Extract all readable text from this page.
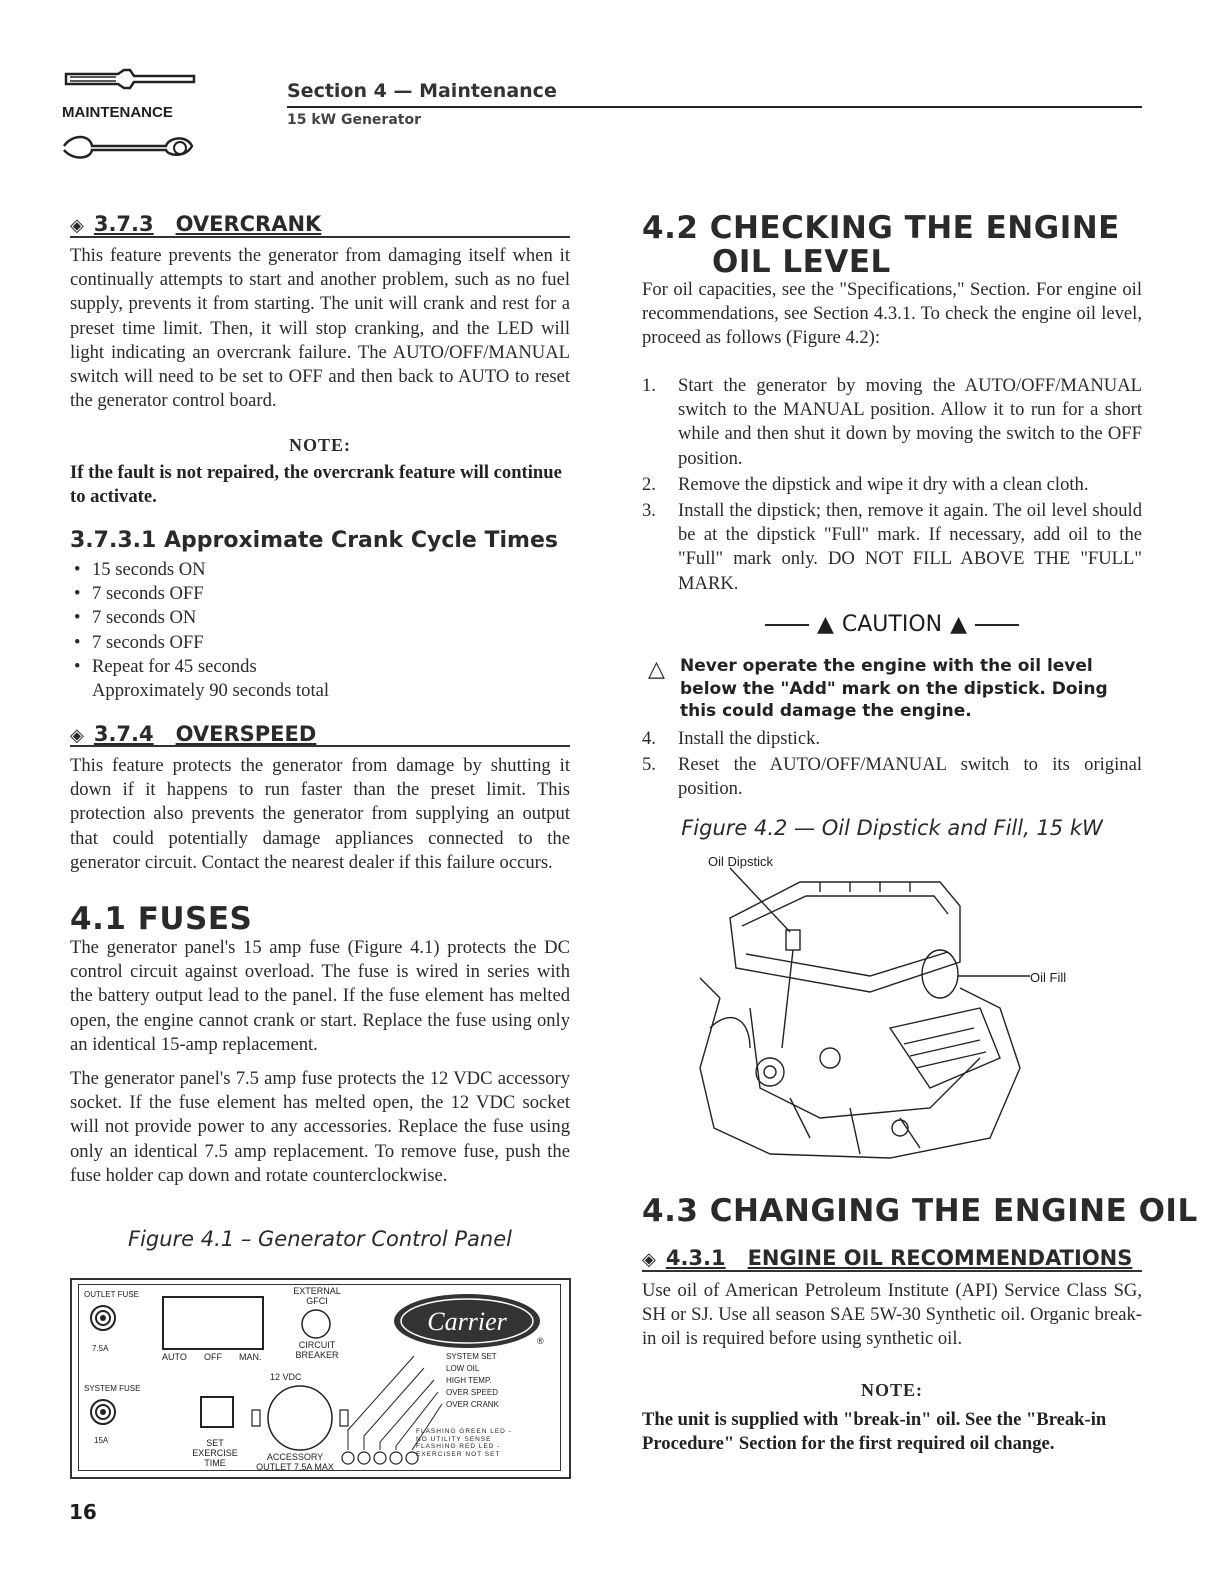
MAINTENANCE
Section 4 — Maintenance
15 kW Generator
◈ 3.7.3 OVERCRANK
This feature prevents the generator from damaging itself when it continually attempts to start and another problem, such as no fuel supply, prevents it from starting. The unit will crank and rest for a preset time limit. Then, it will stop cranking, and the LED will light indicating an overcrank failure. The AUTO/OFF/MANUAL switch will need to be set to OFF and then back to AUTO to reset the generator control board.
NOTE:
If the fault is not repaired, the overcrank feature will continue to activate.
3.7.3.1 Approximate Crank Cycle Times
• 15 seconds ON
• 7 seconds OFF
• 7 seconds ON
• 7 seconds OFF
• Repeat for 45 seconds
Approximately 90 seconds total
◈ 3.7.4 OVERSPEED
This feature protects the generator from damage by shutting it down if it happens to run faster than the preset limit. This protection also prevents the generator from supplying an output that could potentially damage appliances connected to the generator circuit. Contact the nearest dealer if this failure occurs.
4.1 FUSES
The generator panel's 15 amp fuse (Figure 4.1) protects the DC control circuit against overload. The fuse is wired in series with the battery output lead to the panel. If the fuse element has melted open, the engine cannot crank or start. Replace the fuse using only an identical 15-amp replacement.
The generator panel's 7.5 amp fuse protects the 12 VDC accessory socket. If the fuse element has melted open, the 12 VDC socket will not provide power to any accessories. Replace the fuse using only an identical 7.5 amp replacement. To remove fuse, push the fuse holder cap down and rotate counterclockwise.
Figure 4.1 – Generator Control Panel
OUTLET FUSE
7.5A
SYSTEM FUSE
15A
AUTO OFF MAN.
SET
EXERCISE
TIME
EXTERNAL
GFCI
CIRCUIT
BREAKER
12 VDC
ACCESSORY
OUTLET 7.5A MAX
Carrier
®
SYSTEM SET
LOW OIL
HIGH TEMP.
OVER SPEED
OVER CRANK
FLASHING GREEN LED -
NO UTILITY SENSE
FLASHING RED LED -
EXERCISER NOT SET
16
4.2 CHECKING THE ENGINE
OIL LEVEL
For oil capacities, see the "Specifications," Section. For engine oil recommendations, see Section 4.3.1. To check the engine oil level, proceed as follows (Figure 4.2):
1. Start the generator by moving the AUTO/OFF/MANUAL switch to the MANUAL position. Allow it to run for a short while and then shut it down by moving the switch to the OFF position.
2. Remove the dipstick and wipe it dry with a clean cloth.
3. Install the dipstick; then, remove it again. The oil level should be at the dipstick "Full" mark. If necessary, add oil to the "Full" mark only. DO NOT FILL ABOVE THE "FULL" MARK.
▲ CAUTION ▲
△ Never operate the engine with the oil level below the "Add" mark on the dipstick. Doing this could damage the engine.
4. Install the dipstick.
5. Reset the AUTO/OFF/MANUAL switch to its original position.
Figure 4.2 — Oil Dipstick and Fill, 15 kW
Oil Dipstick
Oil Fill
4.3 CHANGING THE ENGINE OIL
◈ 4.3.1 ENGINE OIL RECOMMENDATIONS
Use oil of American Petroleum Institute (API) Service Class SG, SH or SJ. Use all season SAE 5W-30 Synthetic oil. Organic break-in oil is required before using synthetic oil.
NOTE:
The unit is supplied with "break-in" oil. See the "Break-in Procedure" Section for the first required oil change.
